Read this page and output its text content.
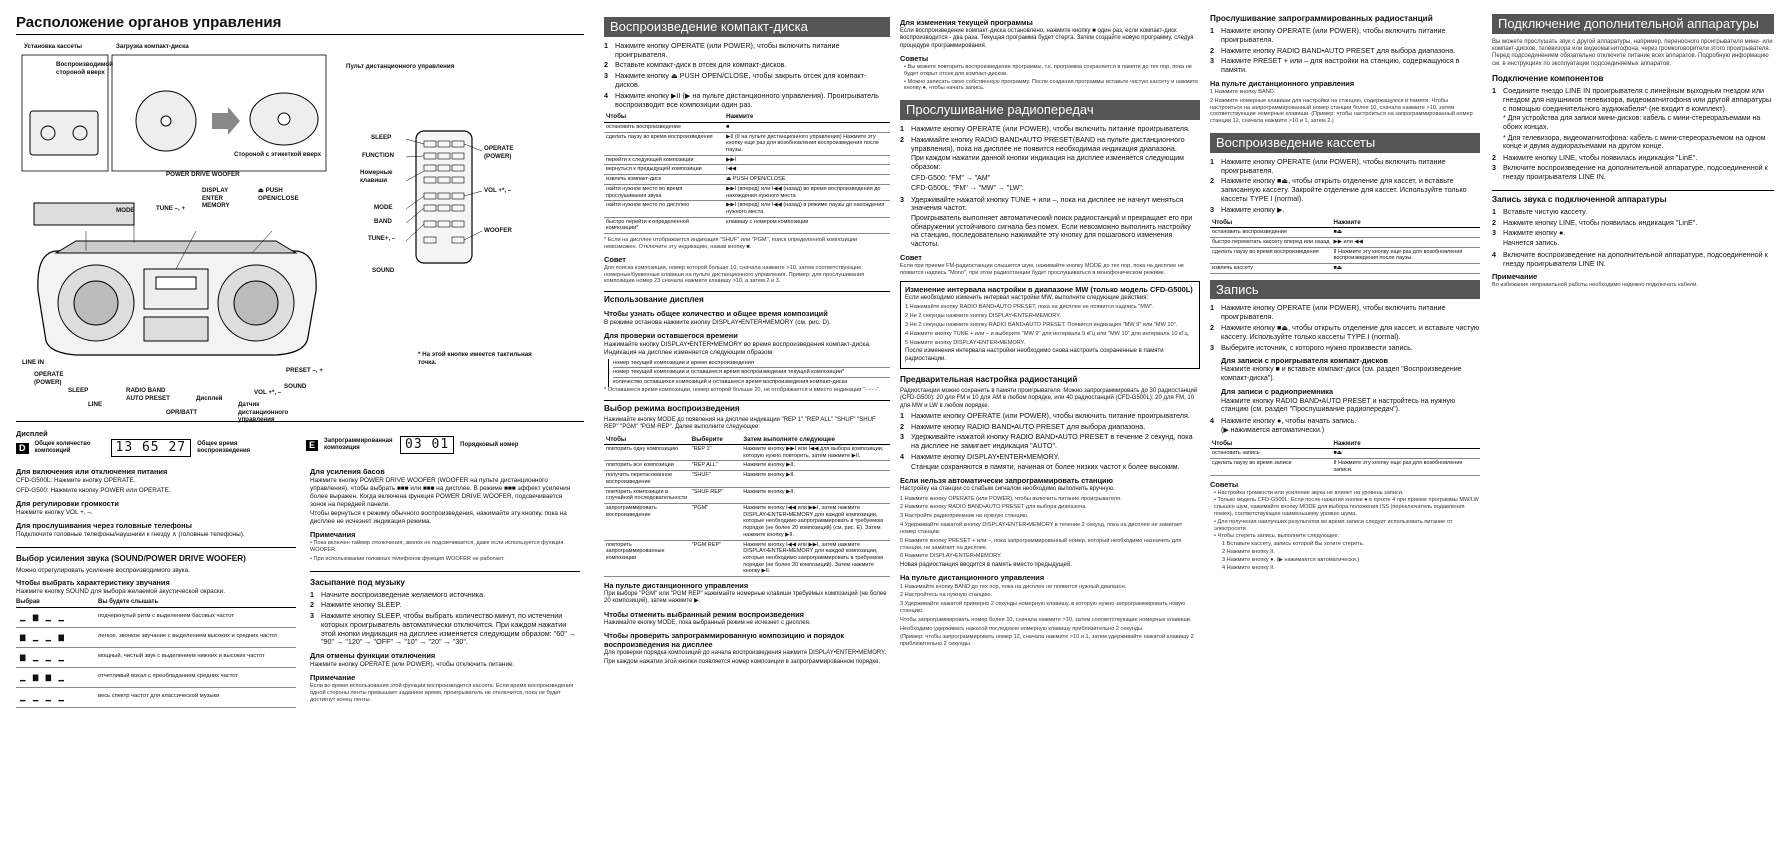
Расположение органов управления
Установка кассеты	Загрузка компакт-диска
Воспроизводимой стороной вверх
Стороной с этикеткой вверх
Пульт дистанционного управления
POWER DRIVE WOOFER
TUNE –, +
MODE
DISPLAY
ENTER
MEMORY
⏏ PUSH
OPEN/CLOSE
LINE IN
OPERATE
(POWER)
SLEEP
LINE
RADIO BAND
AUTO PRESET	Дисплей
OPR/BATT
Датчик
дистанционного
управления
VOL +*, –
PRESET –, +
SOUND
SLEEP
FUNCTION
Номерные
клавиши
MODE
BAND
TUNE+, –
SOUND
OPERATE
(POWER)
VOL +*, –
WOOFER
* На этой кнопке имеется тактильная точка.
Дисплей
D	Общее количество композиций	13 65 27	Общее время воспроизведения
E	Запрограммированная композиция	03 01	Порядковый номер
Для включения или отключения питания
CFD-G500L: Нажмите кнопку OPERATE.
CFD-G500: Нажмите кнопку POWER или OPERATE.
Для регулировки громкости
Нажмите кнопку VOL +, –.
Для прослушивания через головные телефоны
Подключите головные телефоны/наушники к гнезду ∧ (головные телефоны).
Выбор усиления звука (SOUND/POWER DRIVE WOOFER)
Можно отрегулировать усиление воспроизводимого звука.
Чтобы выбрать характеристику звучания
Нажмите кнопку SOUND для выбора желаемой акустической окраски.
Выбрав	Вы будете слышать
▁ ▅ ▁ ▁	подчеркнутый ритм с выделением басовых частот
▅ ▁ ▁ ▅	легкое, звонкое звучание с выделением высоких и средних частот
▅ ▁ ▁ ▁	мощный, чистый звук с выделением нижних и высоких частот
▁ ▅ ▅ ▁	отчетливый вокал с преобладанием средних частот
▁ ▁ ▁ ▁	весь спектр частот для классической музыки
Для усиления басов
Нажмите кнопку POWER DRIVE WOOFER (WOOFER на пульте дистанционного управления), чтобы выбрать ■■■ или ■■■ на дисплее. В режиме ■■■ эффект усиления более выражен. Когда включена функция POWER DRIVE WOOFER, подсвечивается зонок на передней панели.
Чтобы вернуться к режиму обычного воспроизведения, нажимайте эту кнопку, пока на дисплее не исчезнет индикация режима.
Примечания
• Пока включен таймер отключения, звонок не подсвечивается, даже если используется функция WOOFER.
• При использовании головных телефонов функция WOOFER не работает.
Засыпание под музыку
1 Начните воспроизведение желаемого источника.
2 Нажмите кнопку SLEEP.
3 Нажмите кнопку SLEEP, чтобы выбрать количество минут, по истечении которых проигрыватель автоматически отключится. При каждом нажатии этой кнопки индикация на дисплее изменяется следующим образом: "60" → "90" → "120" → "OFF" → "10" → "20" → "30".
Для отмены функции отключения
Нажмите кнопку OPERATE (или POWER), чтобы отключить питание.
Примечание
Если во время использования этой функции воспроизводится кассета: Если время воспроизведения одной стороны ленты превышает заданное время, проигрыватель не отключится, пока не будет достигнут конец ленты.
Воспроизведение компакт-диска
1 Нажмите кнопку OPERATE (или POWER), чтобы включить питание проигрывателя.
2 Вставьте компакт-диск в отсек для компакт-дисков.
3 Нажмите кнопку ⏏ PUSH OPEN/CLOSE, чтобы закрыть отсек для компакт-дисков.
4 Нажмите кнопку ▶II (▶ на пульте дистанционного управления). Проигрыватель воспроизводит все композиции один раз.
Чтобы	Нажмите
остановить воспроизведение	■
сделать паузу во время воспроизведения	▶II (II на пульте дистанционного управления) Нажмите эту кнопку еще раз для возобновления воспроизведения после паузы.
перейти к следующей композиции	▶▶I
вернуться к предыдущей композиции	I◀◀
извлечь компакт-диск	⏏ PUSH OPEN/CLOSE
найти нужное место во время прослушивания звука	▶▶I (вперед) или I◀◀ (назад) во время воспроизведения до нахождения нужного места
найти нужное место по дисплею	▶▶I (вперед) или I◀◀ (назад) в режиме паузы до нахождения нужного места
быстро перейти к определенной композиции*	клавишу с номером композиции
* Если на дисплее отображается индикация "SHUF" или "PGM", поиск определенной композиции невозможен. Отключите эту индикацию, нажав кнопку ■.
Совет
Для поиска композиции, номер которой больше 10, сначала нажмите >10, затем соответствующие номерные/буквенные клавиши на пульте дистанционного управления. Пример: для прослушивания композиции номер 23 сначала нажмите клавишу >10, а затем 2 и 3.
Использование дисплея
Чтобы узнать общее количество и общее время композиций
В режиме останова нажмите кнопку DISPLAY•ENTER•MEMORY (см. рис. D).
Для проверки оставшегося времени
Нажимайте кнопку DISPLAY•ENTER•MEMORY во время воспроизведения компакт-диска. Индикация на дисплее изменяется следующим образом:
номер текущей композиции и время воспроизведения
номер текущей композиции и оставшееся время воспроизведения текущей композиции*
количество оставшихся композиций и оставшееся время воспроизведения компакт-диска
* Оставшееся время композиции, номер которой больше 20, не отображается и вместо индикации "- -:- -".
Выбор режима воспроизведения
Нажимайте кнопку MODE до появления на дисплее индикации "REP 1" "REP ALL" "SHUF" "SHUF REP" "PGM" "PGM REP". Далее выполните следующее:
Чтобы	Выберите	Затем выполните следующее
повторить одну композицию	"REP 1"	Нажмите кнопку ▶▶I или I◀◀ для выбора композиции, которую нужно повторить, затем нажмите ▶II.
повторить все композиции	"REP ALL"	Нажмите кнопку ▶II.
получить перетасованное воспроизведение	"SHUF"	Нажмите кнопку ▶II.
повторить композиции в случайной последовательности	"SHUF REP"	Нажмите кнопку ▶II.
запрограммировать воспроизведение	"PGM"	Нажмите кнопку I◀◀ или ▶▶I, затем нажмите DISPLAY•ENTER•MEMORY для каждой композиции, которые необходимо запрограммировать в требуемом порядке (не более 20 композиций) (см. рис. E). Затем нажмите кнопку ▶II.
повторить запрограммированные композиции	"PGM REP"	Нажмите кнопку I◀◀ или ▶▶I, затем нажмите DISPLAY•ENTER•MEMORY для каждой композиции, которые необходимо запрограммировать в требуемом порядке (не более 20 композиций). Затем нажмите кнопку ▶II.
На пульте дистанционного управления
При выборе "PGM" или "PGM REP" нажимайте номерные клавиши требуемых композиций (не более 20 композиций), затем нажмите ▶.
Чтобы отменить выбранный режим воспроизведения
Нажимайте кнопку MODE, пока выбранный режим не исчезнет с дисплея.
Чтобы проверить запрограммированную композицию и порядок воспроизведения на дисплее
Для проверки порядка композиций до начала воспроизведения нажмите DISPLAY•ENTER•MEMORY.
При каждом нажатии этой кнопки появляется номер композиции в запрограммированном порядке.
Для изменения текущей программы
Если воспроизведение компакт-диска остановлено, нажмите кнопку ■ один раз, если компакт-диск воспроизводится - два раза. Текущая программа будет стерта. Затем создайте новую программу, следуя процедуре программирования.
Советы
• Вы можете повторить воспроизведение программы, т.к. программа сохраняется в памяти до тех пор, пока не будет открыт отсек для компакт-дисков.
• Можно записать свою собственную программу. После создания программы вставьте чистую кассету и нажмите кнопку ●, чтобы начать запись.
Прослушивание радиопередач
1 Нажмите кнопку OPERATE (или POWER), чтобы включить питание проигрывателя.
2 Нажимайте кнопку RADIO BAND•AUTO PRESET(BAND на пульте дистанционного управления), пока на дисплее не появится необходимая индикация диапазона.
При каждом нажатии данной кнопки индикация на дисплее изменяется следующим образом:
CFD-G500: "FM" → "AM"
CFD-G500L: "FM" → "MW" → "LW".
3 Удерживайте нажатой кнопку TUNE + или –, пока на дисплее не начнут меняться значения частот.
Проигрыватель выполняет автоматический поиск радиостанций и прекращает его при обнаружении устойчивого сигнала без помех. Если невозможно выполнить настройку на станцию, последовательно нажимайте эту кнопку для пошагового изменения частоты.
Совет
Если при приеме FM-радиостанции слышится шум, нажимайте кнопку MODE до тех пор, пока на дисплее не появится надпись "Mono", при этом радиостанции будет прослушиваться в монофоническом режиме.
Изменение интервала настройки в диапазоне MW (только модель CFD-G500L)
Если необходимо изменить интервал настройки MW, выполните следующие действия:
1 Нажимайте кнопку RADIO BAND•AUTO PRESET, пока на дисплее не появится надпись "MW".
2 Не 2 секунды нажмите кнопку DISPLAY•ENTER•MEMORY.
3 Не 2 секунды нажмите кнопку RADIO BAND•AUTO PRESET. Появится индикация "MW 9" или "MW 10".
4 Нажмите кнопку TUNE + или – и выберите "MW 9" для интервала 9 кГц или "MW 10" для интервала 10 кГц.
5 Нажмите кнопку DISPLAY•ENTER•MEMORY.
После изменения интервала настройки необходимо снова настроить сохраненные в памяти радиостанции.
Предварительная настройка радиостанций
Радиостанции можно сохранить в памяти проигрывателя. Можно запрограммировать до 30 радиостанций (CFD-G500): 20 для FM и 10 для AM в любом порядке, или 40 радиостанций (CFD-G500L): 20 для FM, 10 для MW и LW в любом порядке.
1 Нажмите кнопку OPERATE (или POWER), чтобы включить питание проигрывателя.
2 Нажмите кнопку RADIO BAND•AUTO PRESET для выбора диапазона.
3 Удерживайте нажатой кнопку RADIO BAND•AUTO PRESET в течение 2 секунд, пока на дисплее не замигает индикация "AUTO".
4 Нажмите кнопку DISPLAY•ENTER•MEMORY.
Станции сохраняются в памяти, начиная от более низких частот к более высоким.
Если нельзя автоматически запрограммировать станцию
Настройку на станции со слабым сигналом необходимо выполнить вручную.
1 Нажмите кнопку OPERATE (или POWER), чтобы включить питание проигрывателя.
2 Нажмите кнопку RADIO BAND•AUTO PRESET для выбора диапазона.
3 Настройте радиоприемник на нужную станцию.
4 Удерживайте нажатой кнопку DISPLAY•ENTER•MEMORY в течение 2 секунд, пока на дисплее не замигает номер станции.
5 Нажмите кнопку PRESET + или –, пока запрограммированный номер, который необходимо назначить для станции, не замигает на дисплее.
6 Нажмите DISPLAY•ENTER•MEMORY.
Новая радиостанция вводится в память вместо предыдущей.
На пульте дистанционного управления
1 Нажимайте кнопку BAND до тех пор, пока на дисплее не появится нужный диапазон.
2 Настройтесь на нужную станцию.
3 Удерживайте нажатой примерно 2 секунды номерную клавишу, в которую нужно запрограммировать новую станцию.
Чтобы запрограммировать номер более 10, сначала нажмите >10, затем соответствующие номерные клавиши.
Необходимо удерживать нажатой последнюю номерную клавишу приблизительно 2 секунды.
(Пример: чтобы запрограммировать номер 12, сначала нажмите >10 и 1, затем удерживайте нажатой клавишу 2 приблизительно 2 секунды.
Прослушивание запрограммированных радиостанций
1 Нажмите кнопку OPERATE (или POWER), чтобы включить питание проигрывателя.
2 Нажмите кнопку RADIO BAND•AUTO PRESET для выбора диапазона.
3 Нажмите PRESET + или – для настройки на станцию, содержащуюся в памяти.
На пульте дистанционного управления
1 Нажмите кнопку BAND.
2 Нажмите номерные клавиши для настройки на станцию, содержащуюся в памяти. Чтобы настроиться на запрограммированный номер станции более 10, сначала нажмите >10, затем соответствующие номерные клавиши. (Пример: чтобы настроиться на запрограммированный номер станции 12, сначала нажмите >10 и 1, затем 2.)
Воспроизведение кассеты
1 Нажмите кнопку OPERATE (или POWER), чтобы включить питание проигрывателя.
2 Нажмите кнопку ■⏏, чтобы открыть отделение для кассет, и вставьте записанную кассету. Закройте отделение для кассет. Используйте только кассеты TYPE I (normal).
3 Нажмите кнопку ▶.
Чтобы	Нажмите
остановить воспроизведение	■⏏
быстро перемотать кассету вперед или назад	▶▶ или ◀◀
сделать паузу во время воспроизведения	II Нажмите эту кнопку еще раз для возобновления воспроизведения после паузы.
извлечь кассету	■⏏
Запись
1 Нажмите кнопку OPERATE (или POWER), чтобы включить питание проигрывателя.
2 Нажмите кнопку ■⏏, чтобы открыть отделение для кассет, и вставьте чистую кассету. Используйте только кассеты TYPE I (normal).
3 Выберите источник, с которого нужно произвести запись.
Для записи с проигрывателя компакт-дисков
Нажмите кнопку ■ и вставьте компакт-диск (см. раздел "Воспроизведение компакт-диска").
Для записи с радиоприемника
Нажмите кнопку RADIO BAND•AUTO PRESET и настройтесь на нужную станцию (см. раздел "Прослушивание радиопередач").
4 Нажмите кнопку ●, чтобы начать запись.
(▶ нажимается автоматически.)
Чтобы	Нажмите
остановить запись	■⏏
сделать паузу во время записи	II Нажмите эту кнопку еще раз для возобновления записи.
Советы
• Настройка громкости или усиление звука не влияет на уровень записи.
• Только модель CFD-G500L: Если после нажатия кнопки ● в пункте 4 при приеме программы MW/LW слышен шум, нажимайте кнопку MODE для выбора положения ISS (переключатель подавления помех), соответствующее наименьшему уровню шума.
• Для получения наилучших результатов во время записи следует использовать питание от электросети.
• Чтобы стереть запись, выполните следующее:
1 Вставьте кассету, запись которой Вы хотите стереть.
2 Нажмите кнопку II.
3 Нажмите кнопку ●. (▶ нажимается автоматически.)
4 Нажмите кнопку II.
Подключение дополнительной аппаратуры
Вы можете прослушать звук с другой аппаратуры, например, переносного проигрывателя мини- или компакт-дисков, телевизора или видеомагнитофона, через громкоговорители этого проигрывателя. Перед подсоединением обязательно отключите питание всех аппаратов. Подробную информацию см. в инструкциях по эксплуатации подсоединяемых аппаратов.
Подключение компонентов
1 Соедините гнездо LINE IN проигрывателя с линейным выходным гнездом или гнездом для наушников телевизора, видеомагнитофона или другой аппаратуры с помощью соединительного аудиокабеля* (не входит в комплект).
* Для устройства для записи мини-дисков: кабель с мини-стереоразъемами на обоих концах.
* Для телевизора, видеомагнитофона: кабель с мини-стереоразъемом на одном конце и двумя аудиоразъемами на другом конце.
2 Нажмите кнопку LINE, чтобы появилась индикация "LinE".
3 Включите воспроизведение на дополнительной аппаратуре, подсоединенной к гнезду проигрывателя LINE IN.
Запись звука с подключенной аппаратуры
1 Вставьте чистую кассету.
2 Нажмите кнопку LINE, чтобы появилась индикация "LinE".
3 Нажмите кнопку ●.
Начнется запись.
4 Включите воспроизведение на дополнительной аппаратуре, подсоединенной к гнезду проигрывателя LINE IN.
Примечание
Во избежание неправильной работы необходимо надежно подключать кабели.
